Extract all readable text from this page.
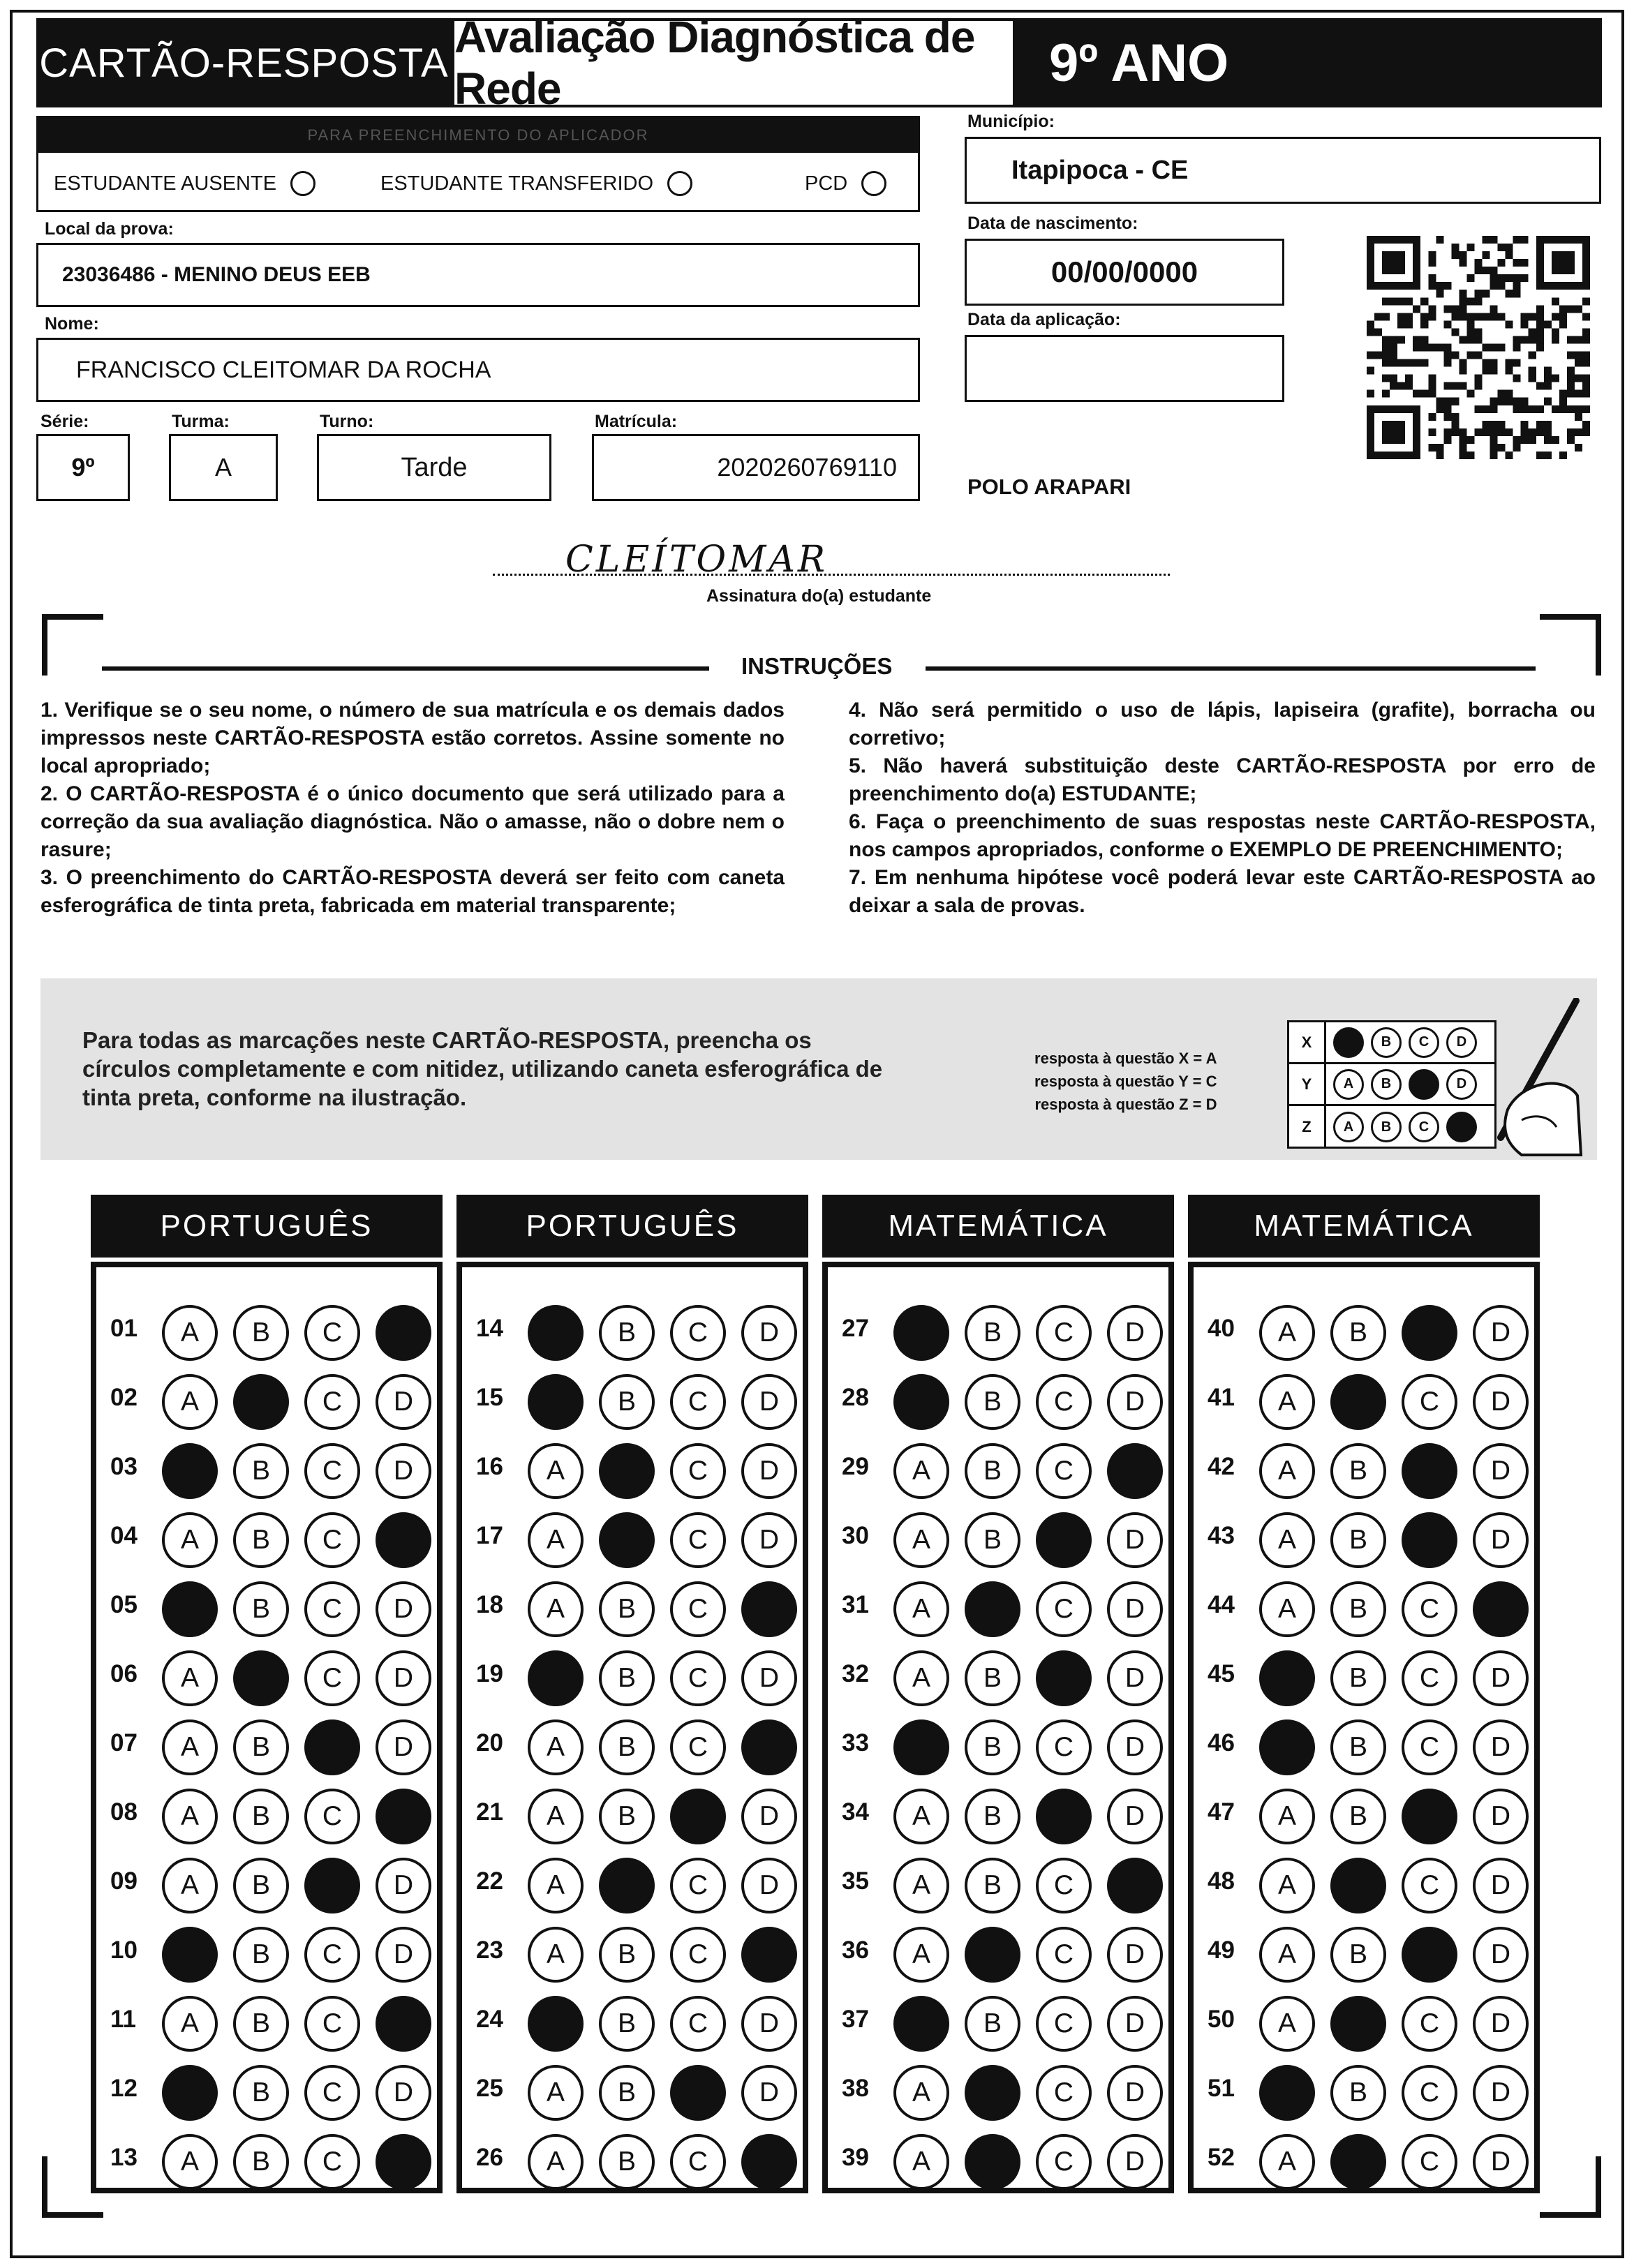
CARTÃO-RESPOSTA
Avaliação Diagnóstica de Rede	9º ANO
PARA PREENCHIMENTO DO APLICADOR
ESTUDANTE AUSENTE	ESTUDANTE TRANSFERIDO	PCD
Local da prova:
23036486 - MENINO DEUS EEB
Nome:
FRANCISCO CLEITOMAR DA ROCHA
Série:
9º
Turma:
A
Turno:
Tarde
Matrícula:
2020260769110
Município:
Itapipoca - CE
Data de nascimento:
00/00/0000
Data da aplicação:
POLO ARAPARI
CLEÍTOMAR
Assinatura do(a) estudante
INSTRUÇÕES

1. Verifique se o seu nome, o número de sua matrícula e os demais dados impressos neste CARTÃO-RESPOSTA estão corretos. Assine somente no local apropriado;

2. O CARTÃO-RESPOSTA é o único documento que será utilizado para a correção da sua avaliação diagnóstica. Não o amasse, não o dobre nem o rasure;

3. O preenchimento do CARTÃO-RESPOSTA deverá ser feito com caneta esferográfica de tinta preta, fabricada em material transparente;

4. Não será permitido o uso de lápis, lapiseira (grafite), borracha ou corretivo;

5. Não haverá substituição deste CARTÃO-RESPOSTA por erro de preenchimento do(a) ESTUDANTE;

6. Faça o preenchimento de suas respostas neste CARTÃO-RESPOSTA, nos campos apropriados, conforme o EXEMPLO DE PREENCHIMENTO;

7. Em nenhuma hipótese você poderá levar este CARTÃO-RESPOSTA ao deixar a sala de provas.

Para todas as marcações neste CARTÃO-RESPOSTA, preencha os círculos completamente e com nitidez, utilizando caneta esferográfica de tinta preta, conforme na ilustração.
resposta à questão X = A
resposta à questão Y = C
resposta à questão Z = D
X	B	C	D
Y	A	B	D
Z	A	B	C
PORTUGUÊS	PORTUGUÊS	MATEMÁTICA	MATEMÁTICA
01	A	B	C
02	A	C	D
03	B	C	D
04	A	B	C
05	B	C	D
06	A	C	D
07	A	B	D
08	A	B	C
09	A	B	D
10	B	C	D
11	A	B	C
12	B	C	D
13	A	B	C
14	B	C	D
15	B	C	D
16	A	C	D
17	A	C	D
18	A	B	C
19	B	C	D
20	A	B	C
21	A	B	D
22	A	C	D
23	A	B	C
24	B	C	D
25	A	B	D
26	A	B	C
27	B	C	D
28	B	C	D
29	A	B	C
30	A	B	D
31	A	C	D
32	A	B	D
33	B	C	D
34	A	B	D
35	A	B	C
36	A	C	D
37	B	C	D
38	A	C	D
39	A	C	D
40	A	B	D
41	A	C	D
42	A	B	D
43	A	B	D
44	A	B	C
45	B	C	D
46	B	C	D
47	A	B	D
48	A	C	D
49	A	B	D
50	A	C	D
51	B	C	D
52	A	C	D
